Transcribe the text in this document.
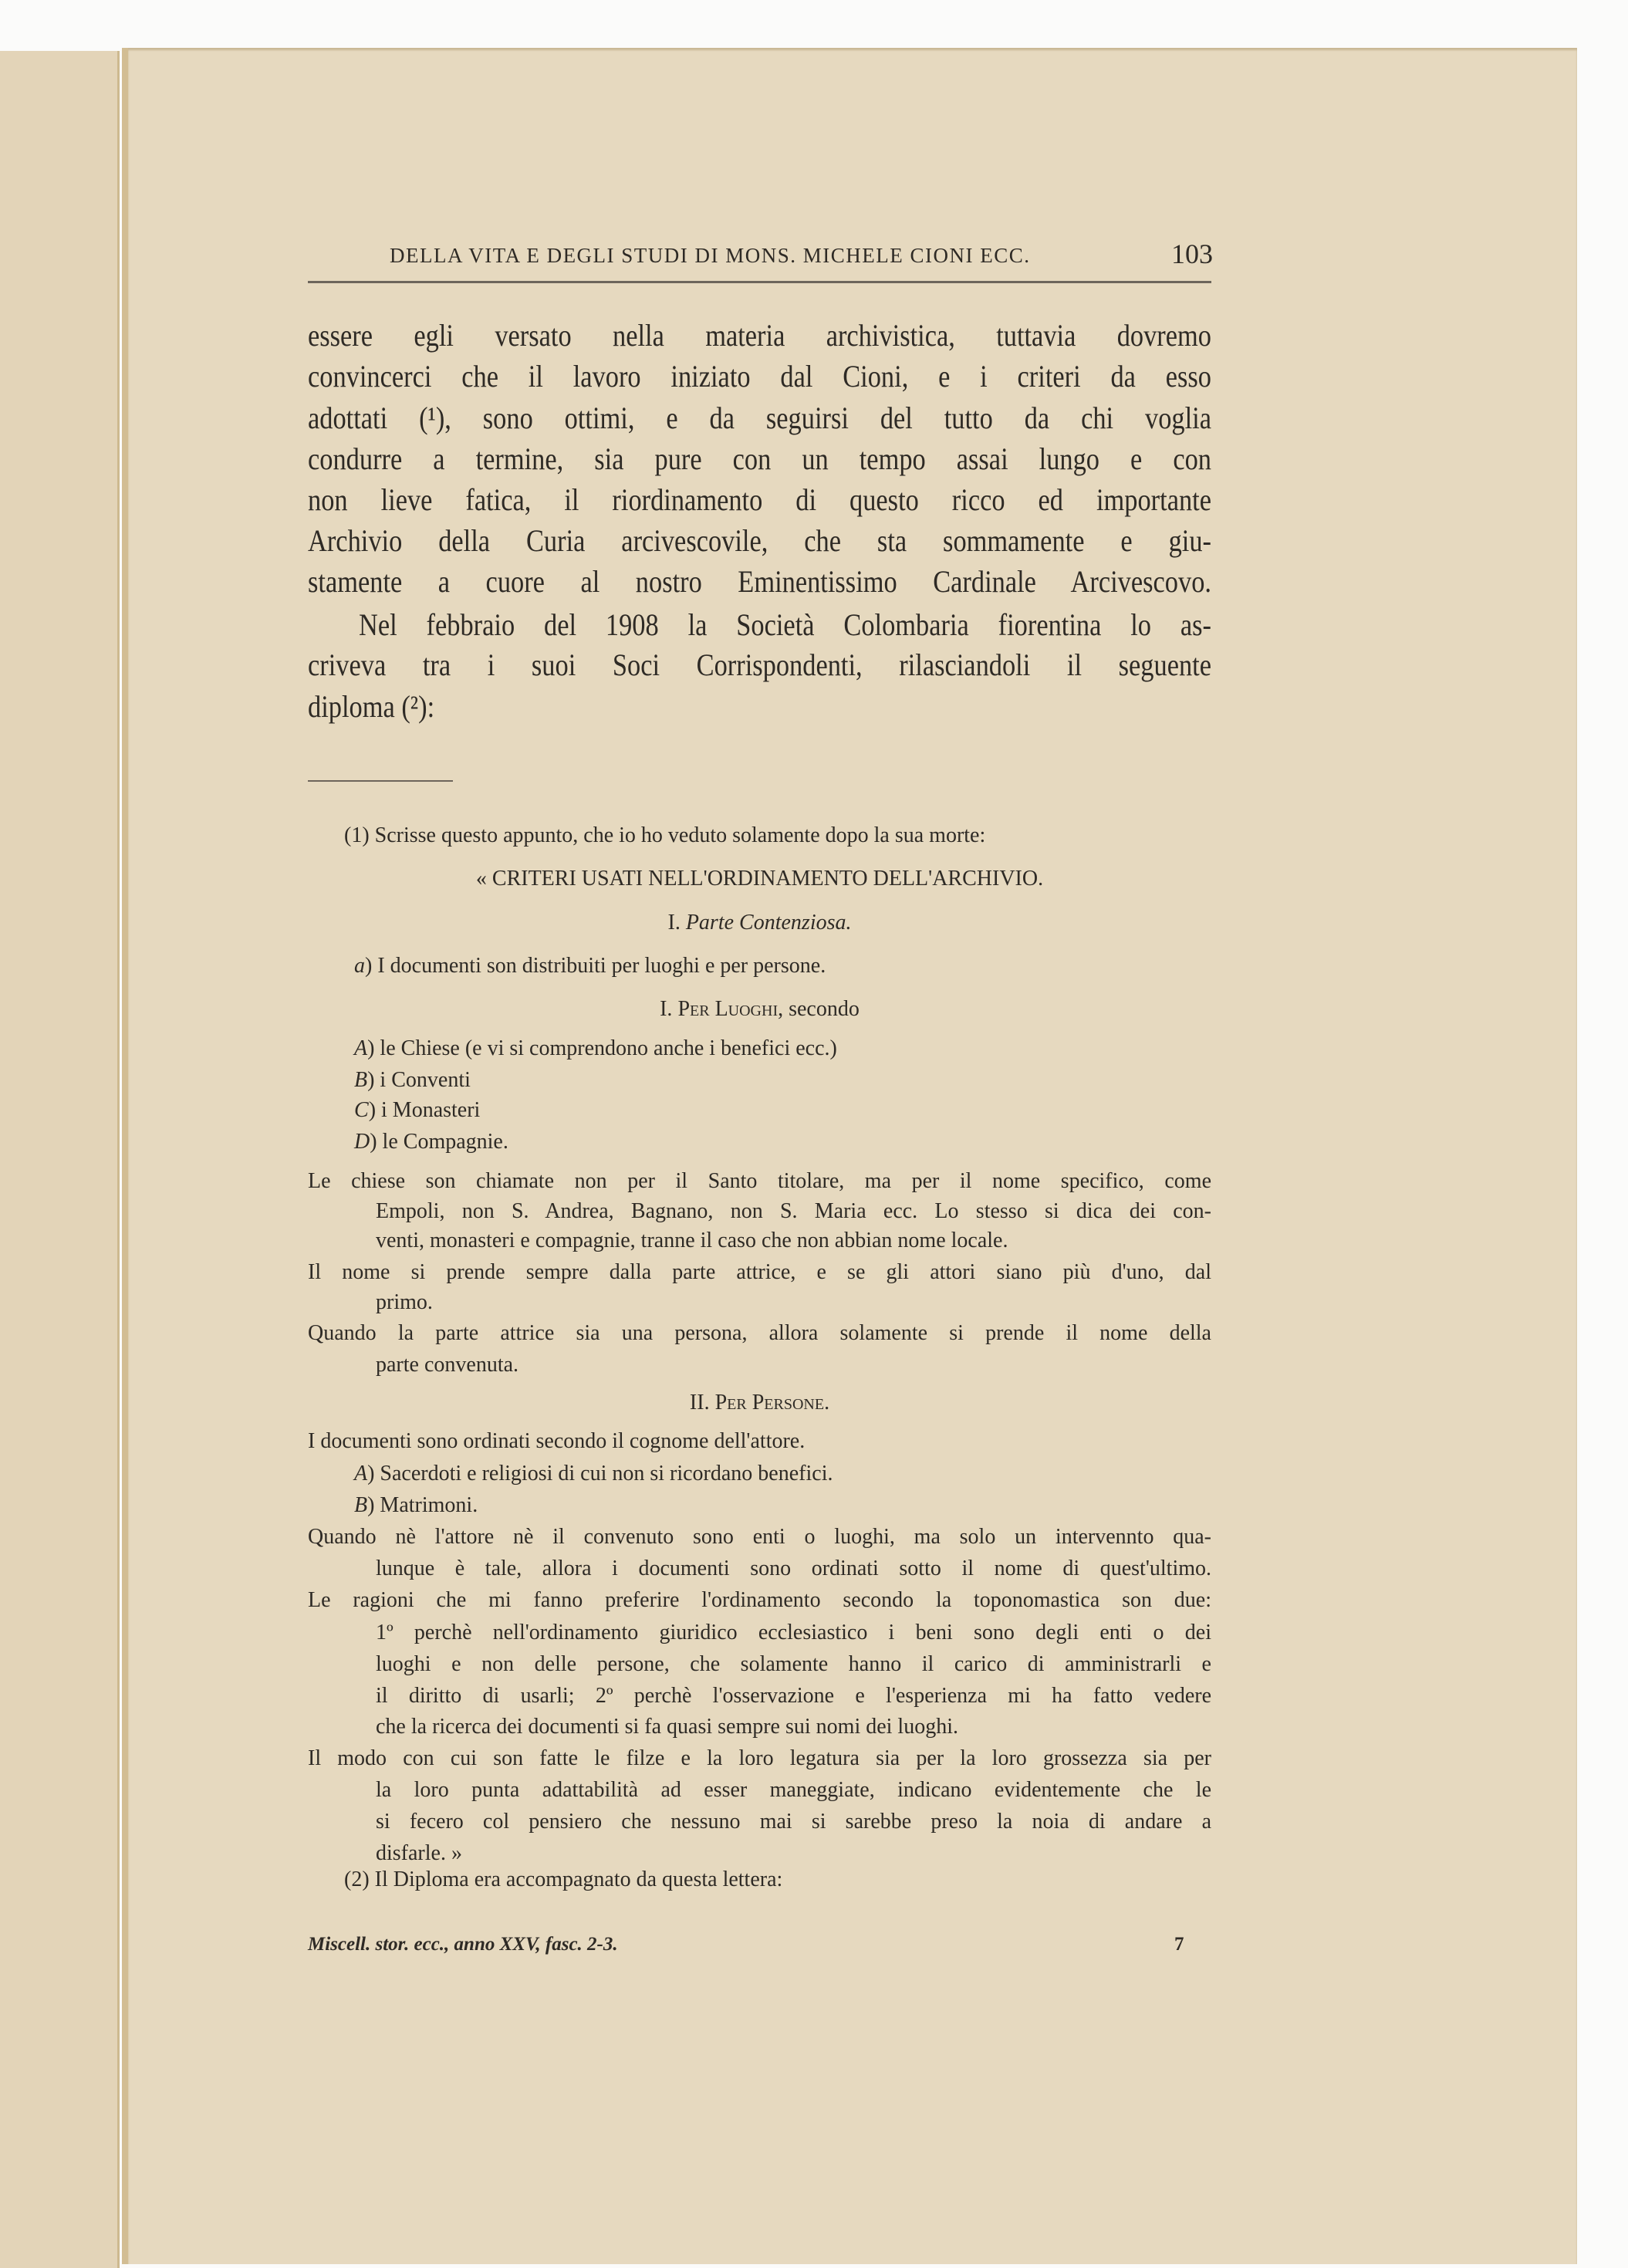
DELLA VITA E DEGLI STUDI DI MONS. MICHELE CIONI ECC.	103
essere egli versato nella materia archivistica, tuttavia dovremo
convincerci che il lavoro iniziato dal Cioni, e i criteri da esso
adottati (¹), sono ottimi, e da seguirsi del tutto da chi voglia
condurre a termine, sia pure con un tempo assai lungo e con
non lieve fatica, il riordinamento di questo ricco ed importante
Archivio della Curia arcivescovile, che sta sommamente e giu-
stamente a cuore al nostro Eminentissimo Cardinale Arcivescovo.
Nel febbraio del 1908 la Società Colombaria fiorentina lo as-
criveva tra i suoi Soci Corrispondenti, rilasciandoli il seguente
diploma (²):
(1) Scrisse questo appunto, che io ho veduto solamente dopo la sua morte:
« CRITERI USATI NELL'ORDINAMENTO DELL'ARCHIVIO.
I. Parte Contenziosa.
a) I documenti son distribuiti per luoghi e per persone.
I. Per Luoghi, secondo
A) le Chiese (e vi si comprendono anche i benefici ecc.)
B) i Conventi
C) i Monasteri
D) le Compagnie.
Le chiese son chiamate non per il Santo titolare, ma per il nome specifico, come
Empoli, non S. Andrea, Bagnano, non S. Maria ecc. Lo stesso si dica dei con-
venti, monasteri e compagnie, tranne il caso che non abbian nome locale.
Il nome si prende sempre dalla parte attrice, e se gli attori siano più d'uno, dal
primo.
Quando la parte attrice sia una persona, allora solamente si prende il nome della
parte convenuta.
II. Per Persone.
I documenti sono ordinati secondo il cognome dell'attore.
A) Sacerdoti e religiosi di cui non si ricordano benefici.
B) Matrimoni.
Quando nè l'attore nè il convenuto sono enti o luoghi, ma solo un intervennto qua-
lunque è tale, allora i documenti sono ordinati sotto il nome di quest'ultimo.
Le ragioni che mi fanno preferire l'ordinamento secondo la toponomastica son due:
1º perchè nell'ordinamento giuridico ecclesiastico i beni sono degli enti o dei
luoghi e non delle persone, che solamente hanno il carico di amministrarli e
il diritto di usarli; 2º perchè l'osservazione e l'esperienza mi ha fatto vedere
che la ricerca dei documenti si fa quasi sempre sui nomi dei luoghi.
Il modo con cui son fatte le filze e la loro legatura sia per la loro grossezza sia per
la loro punta adattabilità ad esser maneggiate, indicano evidentemente che le
si fecero col pensiero che nessuno mai si sarebbe preso la noia di andare a
disfarle. »
(2) Il Diploma era accompagnato da questa lettera:
Miscell. stor. ecc., anno XXV, fasc. 2-3.	7
